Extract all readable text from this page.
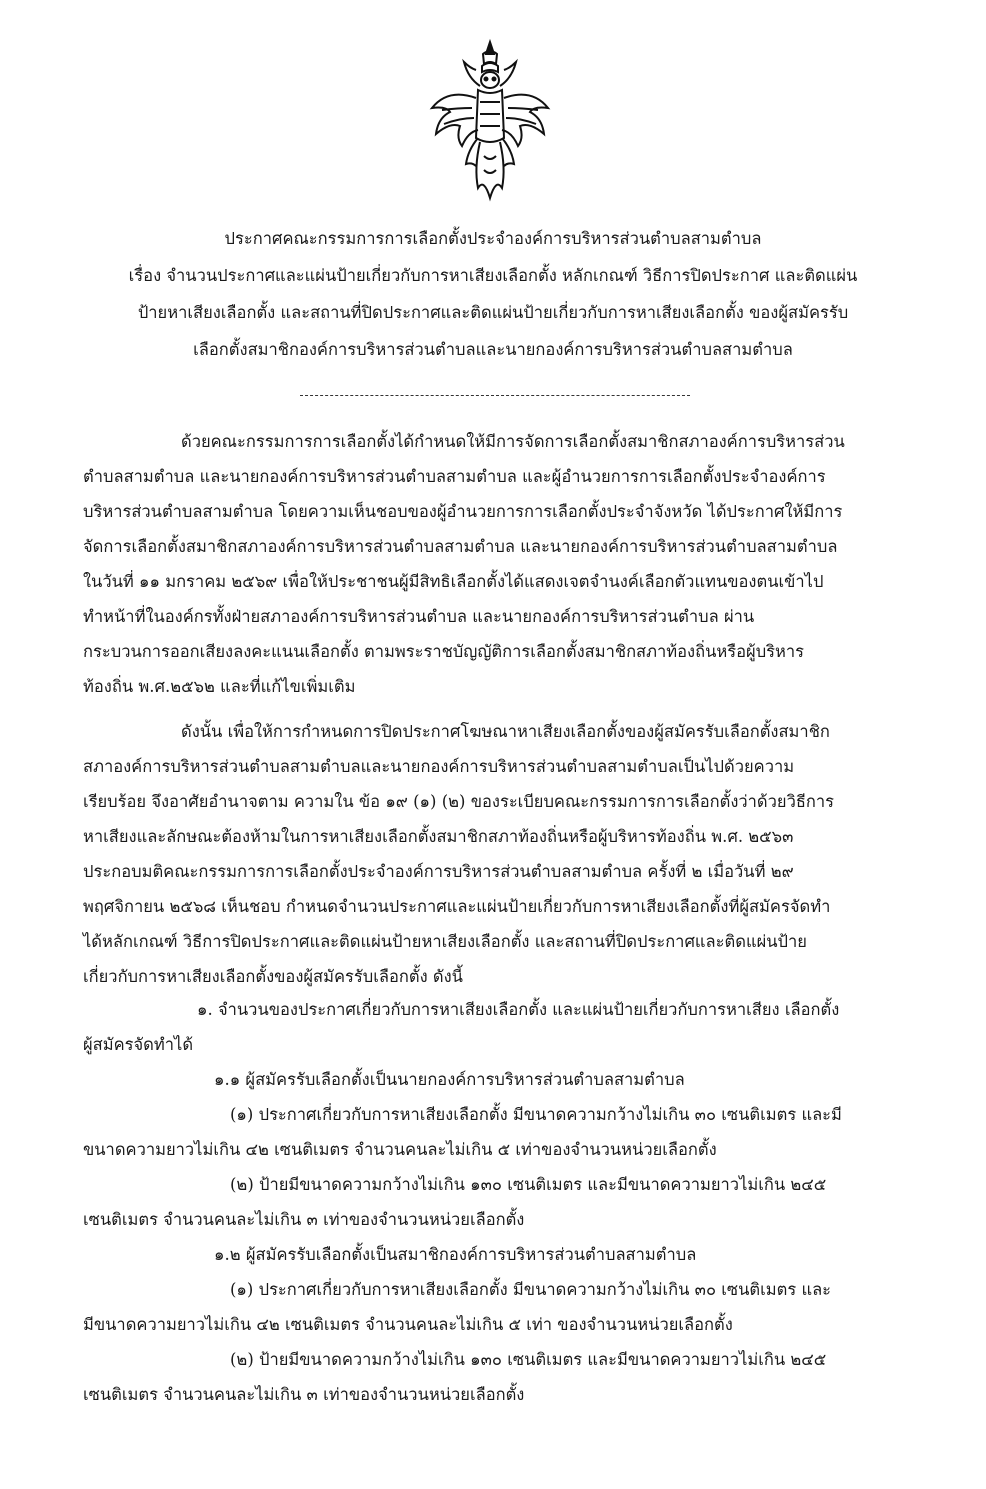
ประกาศคณะกรรมการการเลือกตั้งประจำองค์การบริหารส่วนตำบลสามตำบล
เรื่อง จำนวนประกาศและแผ่นป้ายเกี่ยวกับการหาเสียงเลือกตั้ง หลักเกณฑ์ วิธีการปิดประกาศ และติดแผ่น
ป้ายหาเสียงเลือกตั้ง และสถานที่ปิดประกาศและติดแผ่นป้ายเกี่ยวกับการหาเสียงเลือกตั้ง ของผู้สมัครรับ
เลือกตั้งสมาชิกองค์การบริหารส่วนตำบลและนายกองค์การบริหารส่วนตำบลสามตำบล
ด้วยคณะกรรมการการเลือกตั้งได้กำหนดให้มีการจัดการเลือกตั้งสมาชิกสภาองค์การบริหารส่วน
ตำบลสามตำบล และนายกองค์การบริหารส่วนตำบลสามตำบล และผู้อำนวยการการเลือกตั้งประจำองค์การ
บริหารส่วนตำบลสามตำบล โดยความเห็นชอบของผู้อำนวยการการเลือกตั้งประจำจังหวัด ได้ประกาศให้มีการ
จัดการเลือกตั้งสมาชิกสภาองค์การบริหารส่วนตำบลสามตำบล และนายกองค์การบริหารส่วนตำบลสามตำบล
ในวันที่ ๑๑ มกราคม ๒๕๖๙ เพื่อให้ประชาชนผู้มีสิทธิเลือกตั้งได้แสดงเจตจำนงค์เลือกตัวแทนของตนเข้าไป
ทำหน้าที่ในองค์กรทั้งฝ่ายสภาองค์การบริหารส่วนตำบล และนายกองค์การบริหารส่วนตำบล ผ่าน
กระบวนการออกเสียงลงคะแนนเลือกตั้ง ตามพระราชบัญญัติการเลือกตั้งสมาชิกสภาท้องถิ่นหรือผู้บริหาร
ท้องถิ่น พ.ศ.๒๕๖๒ และที่แก้ไขเพิ่มเติม
ดังนั้น เพื่อให้การกำหนดการปิดประกาศโฆษณาหาเสียงเลือกตั้งของผู้สมัครรับเลือกตั้งสมาชิก
สภาองค์การบริหารส่วนตำบลสามตำบลและนายกองค์การบริหารส่วนตำบลสามตำบลเป็นไปด้วยความ
เรียบร้อย จึงอาศัยอำนาจตาม ความใน ข้อ ๑๙ (๑) (๒) ของระเบียบคณะกรรมการการเลือกตั้งว่าด้วยวิธีการ
หาเสียงและลักษณะต้องห้ามในการหาเสียงเลือกตั้งสมาชิกสภาท้องถิ่นหรือผู้บริหารท้องถิ่น พ.ศ. ๒๕๖๓
ประกอบมติคณะกรรมการการเลือกตั้งประจำองค์การบริหารส่วนตำบลสามตำบล ครั้งที่ ๒ เมื่อวันที่ ๒๙
พฤศจิกายน ๒๕๖๘ เห็นชอบ กำหนดจำนวนประกาศและแผ่นป้ายเกี่ยวกับการหาเสียงเลือกตั้งที่ผู้สมัครจัดทำ
ได้หลักเกณฑ์ วิธีการปิดประกาศและติดแผ่นป้ายหาเสียงเลือกตั้ง และสถานที่ปิดประกาศและติดแผ่นป้าย
เกี่ยวกับการหาเสียงเลือกตั้งของผู้สมัครรับเลือกตั้ง ดังนี้
๑. จำนวนของประกาศเกี่ยวกับการหาเสียงเลือกตั้ง และแผ่นป้ายเกี่ยวกับการหาเสียง เลือกตั้ง
ผู้สมัครจัดทำได้
๑.๑ ผู้สมัครรับเลือกตั้งเป็นนายกองค์การบริหารส่วนตำบลสามตำบล
(๑) ประกาศเกี่ยวกับการหาเสียงเลือกตั้ง มีขนาดความกว้างไม่เกิน ๓๐ เซนติเมตร และมี
ขนาดความยาวไม่เกิน ๔๒ เซนติเมตร จำนวนคนละไม่เกิน ๕ เท่าของจำนวนหน่วยเลือกตั้ง
(๒) ป้ายมีขนาดความกว้างไม่เกิน ๑๓๐ เซนติเมตร และมีขนาดความยาวไม่เกิน ๒๔๕
เซนติเมตร จำนวนคนละไม่เกิน ๓ เท่าของจำนวนหน่วยเลือกตั้ง
๑.๒ ผู้สมัครรับเลือกตั้งเป็นสมาชิกองค์การบริหารส่วนตำบลสามตำบล
(๑) ประกาศเกี่ยวกับการหาเสียงเลือกตั้ง มีขนาดความกว้างไม่เกิน ๓๐ เซนติเมตร และ
มีขนาดความยาวไม่เกิน ๔๒ เซนติเมตร จำนวนคนละไม่เกิน ๕ เท่า ของจำนวนหน่วยเลือกตั้ง
(๒) ป้ายมีขนาดความกว้างไม่เกิน ๑๓๐ เซนติเมตร และมีขนาดความยาวไม่เกิน ๒๔๕
เซนติเมตร จำนวนคนละไม่เกิน ๓ เท่าของจำนวนหน่วยเลือกตั้ง
